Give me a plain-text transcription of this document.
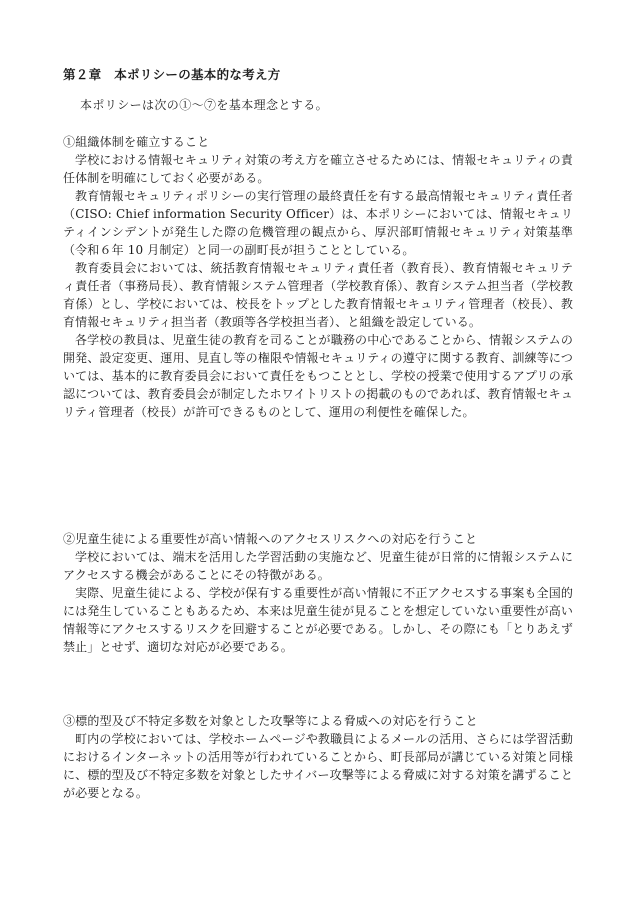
第２章　本ポリシーの基本的な考え方

本ポリシーは次の①～⑦を基本理念とする。

①組織体制を確立すること

学校における情報セキュリティ対策の考え方を確立させるためには、情報セキュリティの責任体制を明確にしておく必要がある。

教育情報セキュリティポリシーの実行管理の最終責任を有する最高情報セキュリティ責任者（CISO: Chief information Security Officer）は、本ポリシーにおいては、情報セキュリティインシデントが発生した際の危機管理の観点から、厚沢部町情報セキュリティ対策基準（令和６年 10 月制定）と同一の副町長が担うこととしている。

教育委員会においては、統括教育情報セキュリティ責任者（教育長）、教育情報セキュリティ責任者（事務局長）、教育情報システム管理者（学校教育係）、教育システム担当者（学校教育係）とし、学校においては、校長をトップとした教育情報セキュリティ管理者（校長）、教育情報セキュリティ担当者（教頭等各学校担当者）、と組織を設定している。

各学校の教員は、児童生徒の教育を司ることが職務の中心であることから、情報システムの開発、設定変更、運用、見直し等の権限や情報セキュリティの遵守に関する教育、訓練等については、基本的に教育委員会において責任をもつこととし、学校の授業で使用するアプリの承認については、教育委員会が制定したホワイトリストの掲載のものであれば、教育情報セキュリティ管理者（校長）が許可できるものとして、運用の利便性を確保した。

②児童生徒による重要性が高い情報へのアクセスリスクへの対応を行うこと

学校においては、端末を活用した学習活動の実施など、児童生徒が日常的に情報システムにアクセスする機会があることにその特徴がある。

実際、児童生徒による、学校が保有する重要性が高い情報に不正アクセスする事案も全国的には発生していることもあるため、本来は児童生徒が見ることを想定していない重要性が高い情報等にアクセスするリスクを回避することが必要である。しかし、その際にも「とりあえず禁止」とせず、適切な対応が必要である。

③標的型及び不特定多数を対象とした攻撃等による脅威への対応を行うこと

町内の学校においては、学校ホームページや教職員によるメールの活用、さらには学習活動におけるインターネットの活用等が行われていることから、町長部局が講じている対策と同様に、標的型及び不特定多数を対象としたサイバー攻撃等による脅威に対する対策を講ずることが必要となる。
